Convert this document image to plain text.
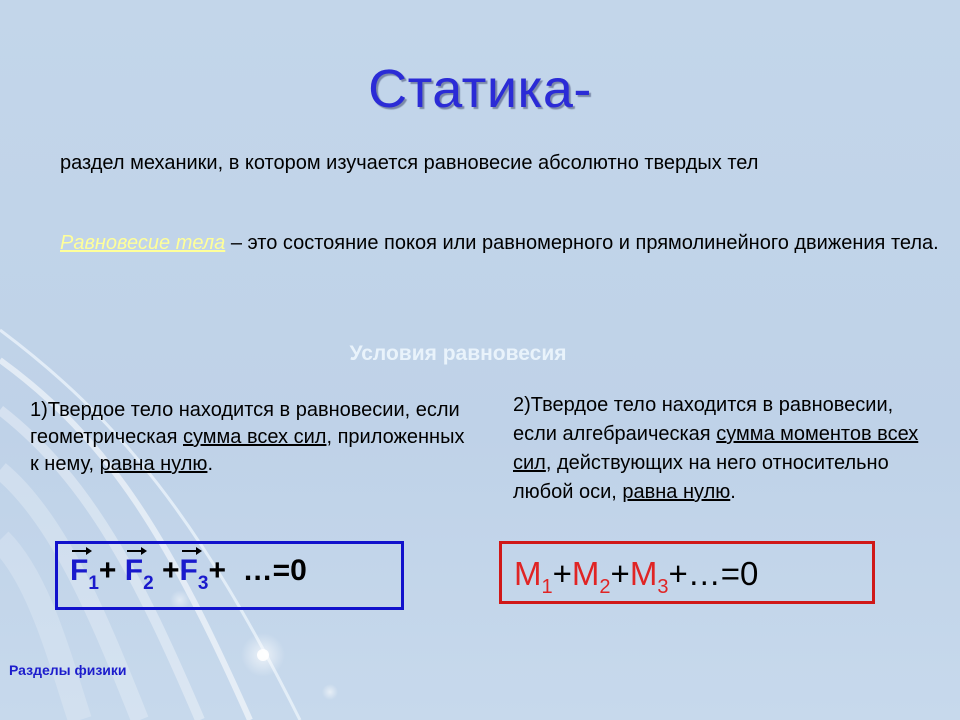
Статика-
раздел механики, в котором изучается равновесие абсолютно твердых тел
Равновесие тела – это состояние покоя или равномерного и прямолинейного движения тела.
Условия равновесия
1)Твердое тело находится в равновесии, если геометрическая сумма всех сил, приложенных к нему, равна нулю.
2)Твердое тело находится в равновесии, если алгебраическая сумма моментов всех сил, действующих на него относительно любой оси, равна нулю.
$F_1+ F_2 +F_3+$  …=0	$M_1+M_2+M_3+\dots=0$
Разделы физики
